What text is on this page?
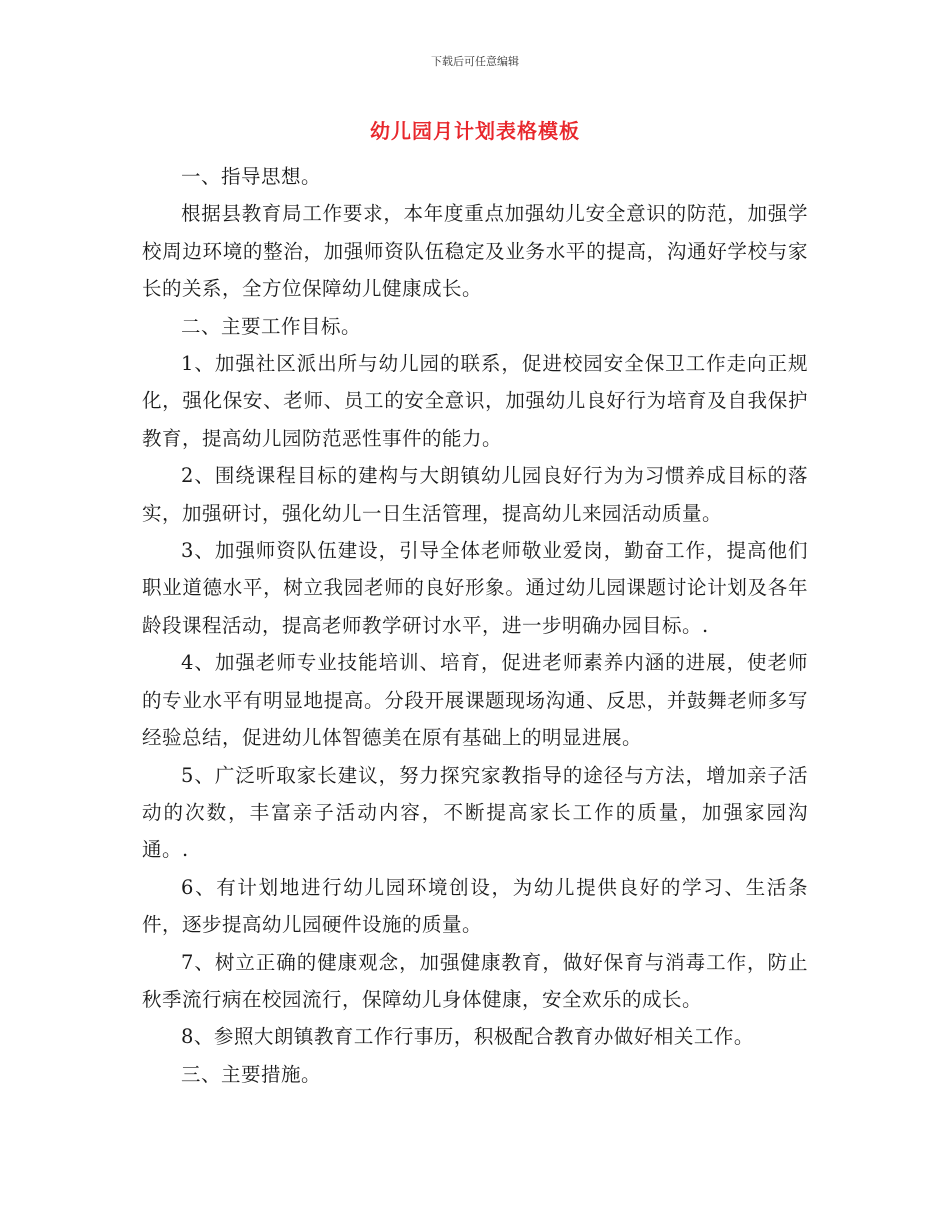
下载后可任意编辑
幼儿园月计划表格模板

一、指导思想。

根据县教育局工作要求，本年度重点加强幼儿安全意识的防范，加强学校周边环境的整治，加强师资队伍稳定及业务水平的提高，沟通好学校与家长的关系，全方位保障幼儿健康成长。

二、主要工作目标。

1、加强社区派出所与幼儿园的联系，促进校园安全保卫工作走向正规化，强化保安、老师、员工的安全意识，加强幼儿良好行为培育及自我保护教育，提高幼儿园防范恶性事件的能力。

2、围绕课程目标的建构与大朗镇幼儿园良好行为为习惯养成目标的落实，加强研讨，强化幼儿一日生活管理，提高幼儿来园活动质量。

3、加强师资队伍建设，引导全体老师敬业爱岗，勤奋工作，提高他们职业道德水平，树立我园老师的良好形象。通过幼儿园课题讨论计划及各年龄段课程活动，提高老师教学研讨水平，进一步明确办园目标。.

4、加强老师专业技能培训、培育，促进老师素养内涵的进展，使老师的专业水平有明显地提高。分段开展课题现场沟通、反思，并鼓舞老师多写经验总结，促进幼儿体智德美在原有基础上的明显进展。

5、广泛听取家长建议，努力探究家教指导的途径与方法，增加亲子活动的次数，丰富亲子活动内容，不断提高家长工作的质量，加强家园沟通。.

6、有计划地进行幼儿园环境创设，为幼儿提供良好的学习、生活条件，逐步提高幼儿园硬件设施的质量。

7、树立正确的健康观念，加强健康教育，做好保育与消毒工作，防止秋季流行病在校园流行，保障幼儿身体健康，安全欢乐的成长。

8、参照大朗镇教育工作行事历，积极配合教育办做好相关工作。

三、主要措施。
